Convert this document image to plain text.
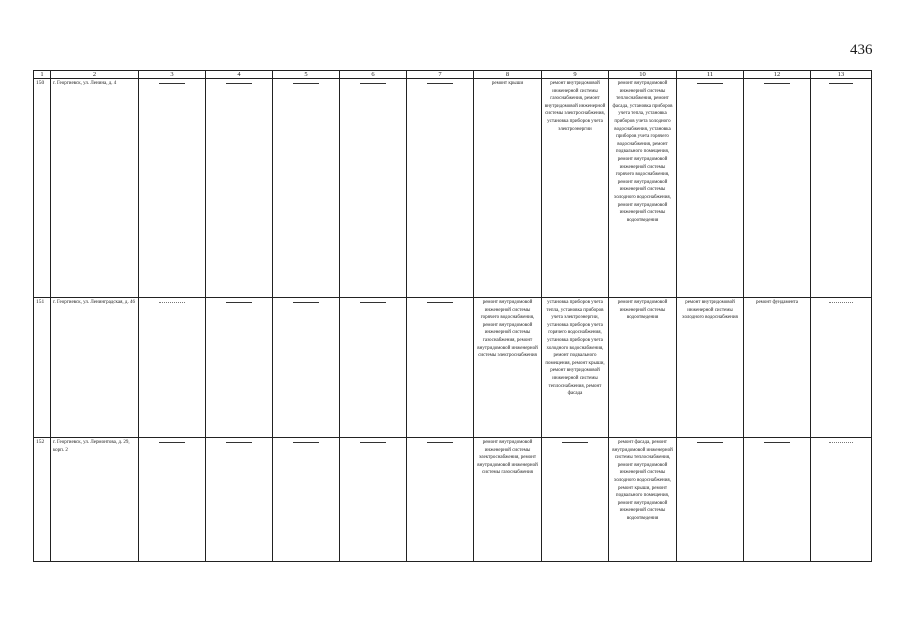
436
1	2	3	4	5	6	7	8	9	10	11	12	13

150	г. Георгиевск, ул. Ленина, д. 4						ремонт крыши	ремонт внутридомовой инженерной системы газоснабжения, ремонт внутридомовой инженерной системы электроснабжения, установка приборов учета электроэнергии	ремонт внутридомовой инженерной системы теплоснабжения, ремонт фасада, установка приборов учета тепла, установка приборов учета холодного водоснабжения, установка приборов учета горячего водоснабжения, ремонт подвального помещения, ремонт внутридомовой инженерной системы горячего водоснабжения, ремонт внутридомовой инженерной системы холодного водоснабжения, ремонт внутридомовой инженерной системы водоотведения			

151	г. Георгиевск, ул. Ленинградская, д. 46						ремонт внутридомовой инженерной системы горячего водоснабжения, ремонт внутридомовой инженерной системы газоснабжения, ремонт внутридомовой инженерной системы электроснабжения	установка приборов учета тепла, установка приборов учета электроэнергии, установка приборов учета горячего водоснабжения, установка приборов учета холодного водоснабжения, ремонт подвального помещения, ремонт крыши, ремонт внутридомовой инженерной системы теплоснабжения, ремонт фасада	ремонт внутридомовой инженерной системы водоотведения	ремонт внутридомовой инженерной системы холодного водоснабжения	ремонт фундамента	

152	г. Георгиевск, ул. Лермонтова, д. 29, корп. 2						ремонт внутридомовой инженерной системы электроснабжения, ремонт внутридомовой инженерной системы газоснабжения		ремонт фасада, ремонт внутридомовой инженерной системы теплоснабжения, ремонт внутридомовой инженерной системы холодного водоснабжения, ремонт крыши, ремонт подвального помещения, ремонт внутридомовой инженерной системы водоотведения			
